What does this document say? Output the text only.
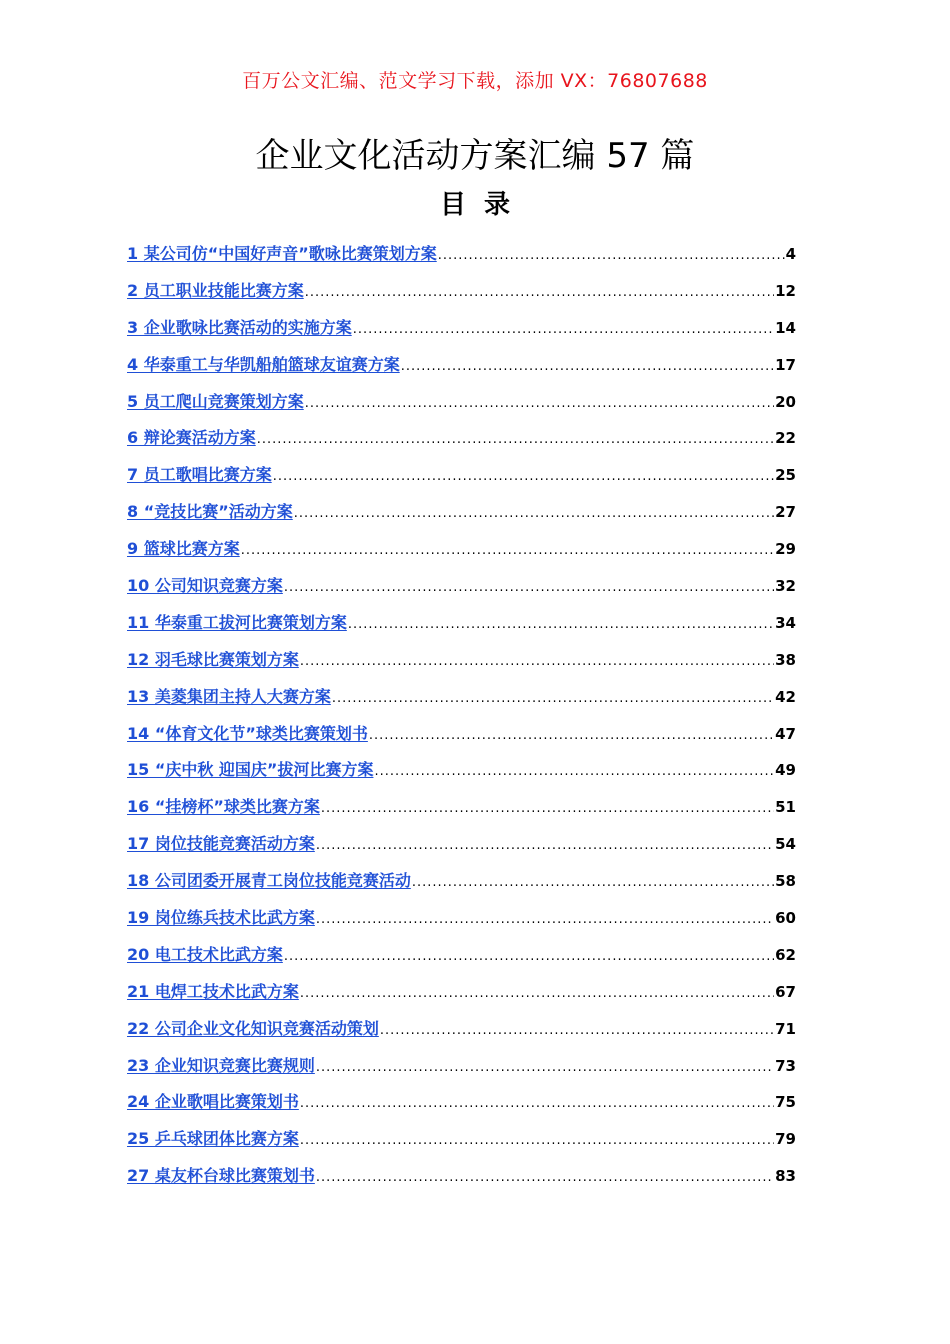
百万公文汇编、范文学习下载，添加 VX：76807688
企业文化活动方案汇编 57 篇
目录
1 某公司仿“中国好声音”歌咏比赛策划方案 .....	4
2 员工职业技能比赛方案 .....	12
3 企业歌咏比赛活动的实施方案 .....	14
4 华泰重工与华凯船舶篮球友谊赛方案 .....	17
5 员工爬山竞赛策划方案 .....	20
6 辩论赛活动方案 .....	22
7 员工歌唱比赛方案 .....	25
8 “竞技比赛”活动方案 .....	27
9 篮球比赛方案 .....	29
10 公司知识竞赛方案 .....	32
11 华泰重工拔河比赛策划方案 .....	34
12 羽毛球比赛策划方案 .....	38
13 美菱集团主持人大赛方案 .....	42
14 “体育文化节”球类比赛策划书 .....	47
15 “庆中秋 迎国庆”拔河比赛方案 .....	49
16 “挂榜杯”球类比赛方案 .....	51
17 岗位技能竞赛活动方案 .....	54
18 公司团委开展青工岗位技能竞赛活动 .....	58
19 岗位练兵技术比武方案 .....	60
20 电工技术比武方案 .....	62
21 电焊工技术比武方案 .....	67
22 公司企业文化知识竞赛活动策划 .....	71
23 企业知识竞赛比赛规则 .....	73
24 企业歌唱比赛策划书 .....	75
25 乒乓球团体比赛方案 .....	79
27 桌友杯台球比赛策划书 .....	83
